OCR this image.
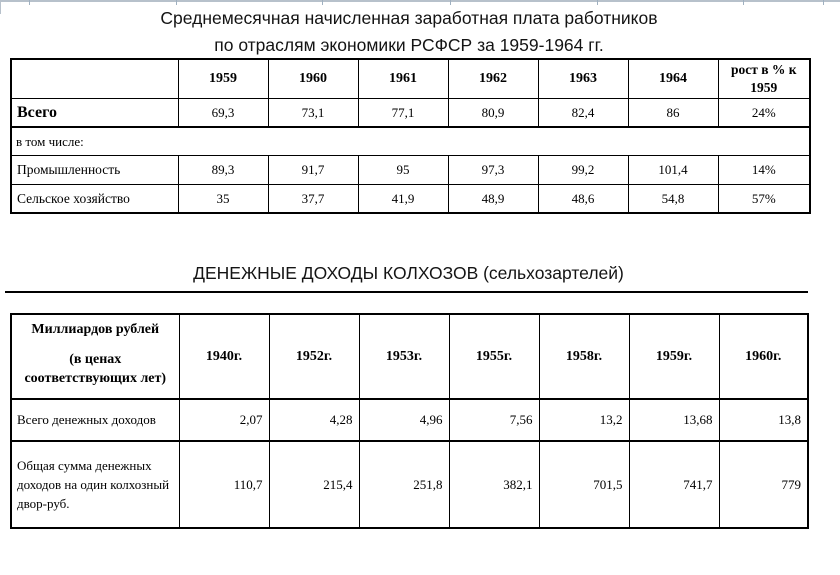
Среднемесячная начисленная заработная плата работников
по отраслям экономики РСФСР за 1959-1964 гг.
	1959	1960	1961	1962	1963	1964	рост в % к 1959
Всего	69,3	73,1	77,1	80,9	82,4	86	24%
в том числе:							
Промышленность	89,3	91,7	95	97,3	99,2	101,4	14%
Сельское хозяйство	35	37,7	41,9	48,9	48,6	54,8	57%
ДЕНЕЖНЫЕ ДОХОДЫ КОЛХОЗОВ (сельхозартелей)
Миллиардов рублей
(в ценах
соответствующих лет)	1940г.	1952г.	1953г.	1955г.	1958г.	1959г.	1960г.
Всего денежных доходов	2,07	4,28	4,96	7,56	13,2	13,68	13,8
Общая сумма денежных доходов на один колхозный двор-руб.	110,7	215,4	251,8	382,1	701,5	741,7	779
